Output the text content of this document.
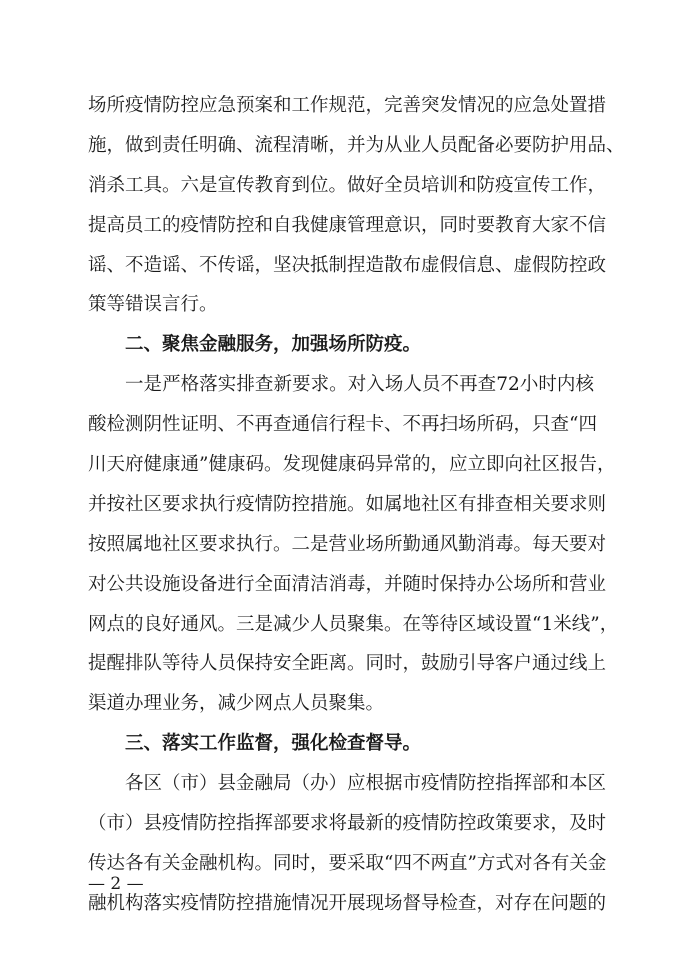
场所疫情防控应急预案和工作规范，完善突发情况的应急处置措
施，做到责任明确、流程清晰，并为从业人员配备必要防护用品、
消杀工具。六是宣传教育到位。做好全员培训和防疫宣传工作，
提高员工的疫情防控和自我健康管理意识，同时要教育大家不信
谣、不造谣、不传谣，坚决抵制捏造散布虚假信息、虚假防控政
策等错误言行。
二、聚焦金融服务，加强场所防疫。
一是严格落实排查新要求。对入场人员不再查72小时内核
酸检测阴性证明、不再查通信行程卡、不再扫场所码，只查“四
川天府健康通”健康码。发现健康码异常的，应立即向社区报告，
并按社区要求执行疫情防控措施。如属地社区有排查相关要求则
按照属地社区要求执行。二是营业场所勤通风勤消毒。每天要对
对公共设施设备进行全面清洁消毒，并随时保持办公场所和营业
网点的良好通风。三是减少人员聚集。在等待区域设置“1米线”，
提醒排队等待人员保持安全距离。同时，鼓励引导客户通过线上
渠道办理业务，减少网点人员聚集。
三、落实工作监督，强化检查督导。
各区（市）县金融局（办）应根据市疫情防控指挥部和本区
（市）县疫情防控指挥部要求将最新的疫情防控政策要求，及时
传达各有关金融机构。同时，要采取“四不两直”方式对各有关金
融机构落实疫情防控措施情况开展现场督导检查，对存在问题的
— 2 —
